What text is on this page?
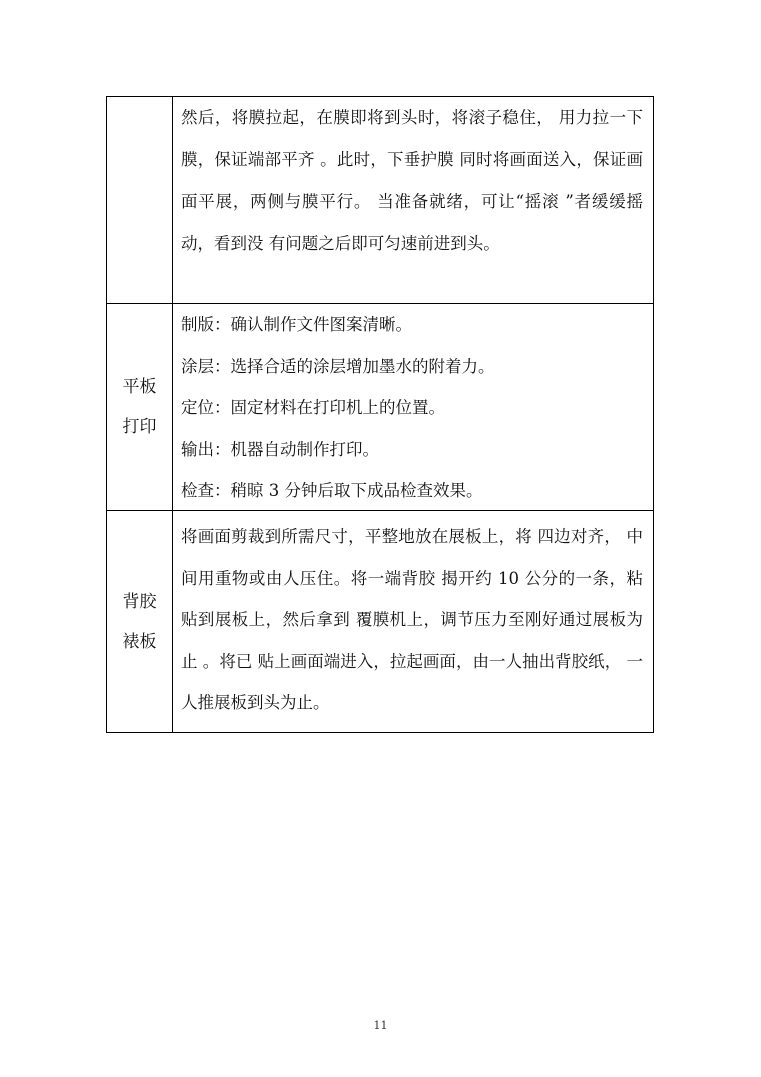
然后，将膜拉起，在膜即将到头时，将滚子稳住， 用力拉一下膜，保证端部平齐 。此时，下垂护膜 同时将画面送入，保证画面平展，两侧与膜平行。 当准备就绪，可让“摇滚 ”者缓缓摇动，看到没 有问题之后即可匀速前进到头。
平板
打印
制版：确认制作文件图案清晰。
涂层：选择合适的涂层增加墨水的附着力。
定位：固定材料在打印机上的位置。
输出：机器自动制作打印。
检查：稍晾 3 分钟后取下成品检查效果。
背胶
裱板
将画面剪裁到所需尺寸，平整地放在展板上，将 四边对齐， 中间用重物或由人压住。将一端背胶 揭开约 10 公分的一条，粘贴到展板上，然后拿到 覆膜机上，调节压力至刚好通过展板为止 。将已 贴上画面端进入，拉起画面，由一人抽出背胶纸， 一人推展板到头为止。
11
